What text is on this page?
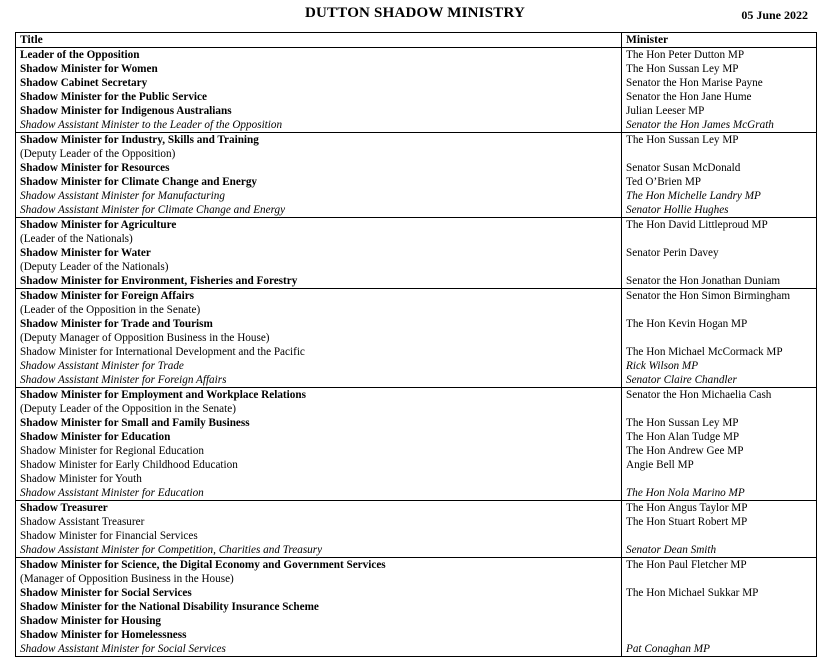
DUTTON SHADOW MINISTRY	05 June 2022
Title	Minister

Leader of the Opposition	The Hon Peter Dutton MP

Shadow Minister for Women	The Hon Sussan Ley MP

Shadow Cabinet Secretary	Senator the Hon Marise Payne

Shadow Minister for the Public Service	Senator the Hon Jane Hume

Shadow Minister for Indigenous Australians	Julian Leeser MP

Shadow Assistant Minister to the Leader of the Opposition	Senator the Hon James McGrath

Shadow Minister for Industry, Skills and Training
(Deputy Leader of the Opposition)	The Hon Sussan Ley MP

Shadow Minister for Resources	Senator Susan McDonald

Shadow Minister for Climate Change and Energy	Ted O’Brien MP

Shadow Assistant Minister for Manufacturing	The Hon Michelle Landry MP

Shadow Assistant Minister for Climate Change and Energy	Senator Hollie Hughes

Shadow Minister for Agriculture
(Leader of the Nationals)	The Hon David Littleproud MP

Shadow Minister for Water
(Deputy Leader of the Nationals)	Senator Perin Davey

Shadow Minister for Environment, Fisheries and Forestry	Senator the Hon Jonathan Duniam

Shadow Minister for Foreign Affairs
(Leader of the Opposition in the Senate)	Senator the Hon Simon Birmingham

Shadow Minister for Trade and Tourism
(Deputy Manager of Opposition Business in the House)	The Hon Kevin Hogan MP

Shadow Minister for International Development and the Pacific	The Hon Michael McCormack MP

Shadow Assistant Minister for Trade	Rick Wilson MP

Shadow Assistant Minister for Foreign Affairs	Senator Claire Chandler

Shadow Minister for Employment and Workplace Relations
(Deputy Leader of the Opposition in the Senate)	Senator the Hon Michaelia Cash

Shadow Minister for Small and Family Business	The Hon Sussan Ley MP

Shadow Minister for Education	The Hon Alan Tudge MP

Shadow Minister for Regional Education	The Hon Andrew Gee MP

Shadow Minister for Early Childhood Education	Angie Bell MP

Shadow Minister for Youth	

Shadow Assistant Minister for Education	The Hon Nola Marino MP

Shadow Treasurer	The Hon Angus Taylor MP

Shadow Assistant Treasurer	The Hon Stuart Robert MP

Shadow Minister for Financial Services	

Shadow Assistant Minister for Competition, Charities and Treasury	Senator Dean Smith

Shadow Minister for Science, the Digital Economy and Government Services
(Manager of Opposition Business in the House)	The Hon Paul Fletcher MP

Shadow Minister for Social Services	The Hon Michael Sukkar MP

Shadow Minister for the National Disability Insurance Scheme	

Shadow Minister for Housing	

Shadow Minister for Homelessness	

Shadow Assistant Minister for Social Services	Pat Conaghan MP
